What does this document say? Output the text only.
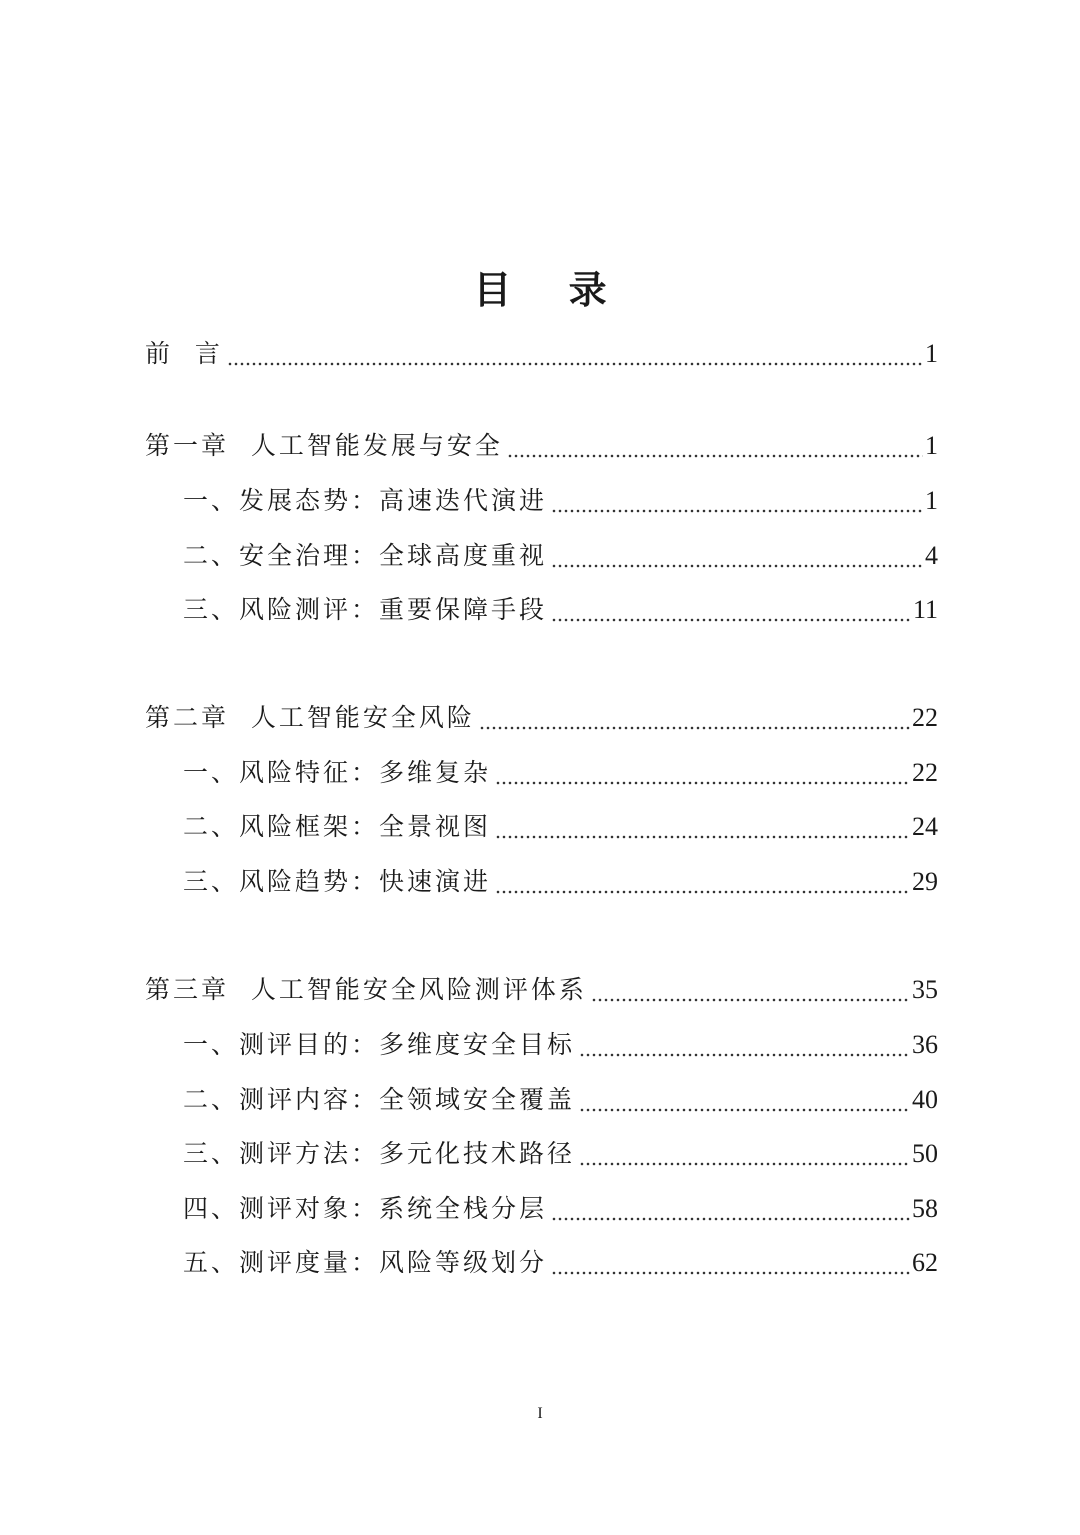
目 录
前  言	1
第一章  人工智能发展与安全	1
一、发展态势：高速迭代演进	1
二、安全治理：全球高度重视	4
三、风险测评：重要保障手段	11
第二章  人工智能安全风险	22
一、风险特征：多维复杂	22
二、风险框架：全景视图	24
三、风险趋势：快速演进	29
第三章  人工智能安全风险测评体系	35
一、测评目的：多维度安全目标	36
二、测评内容：全领域安全覆盖	40
三、测评方法：多元化技术路径	50
四、测评对象：系统全栈分层	58
五、测评度量：风险等级划分	62
I
